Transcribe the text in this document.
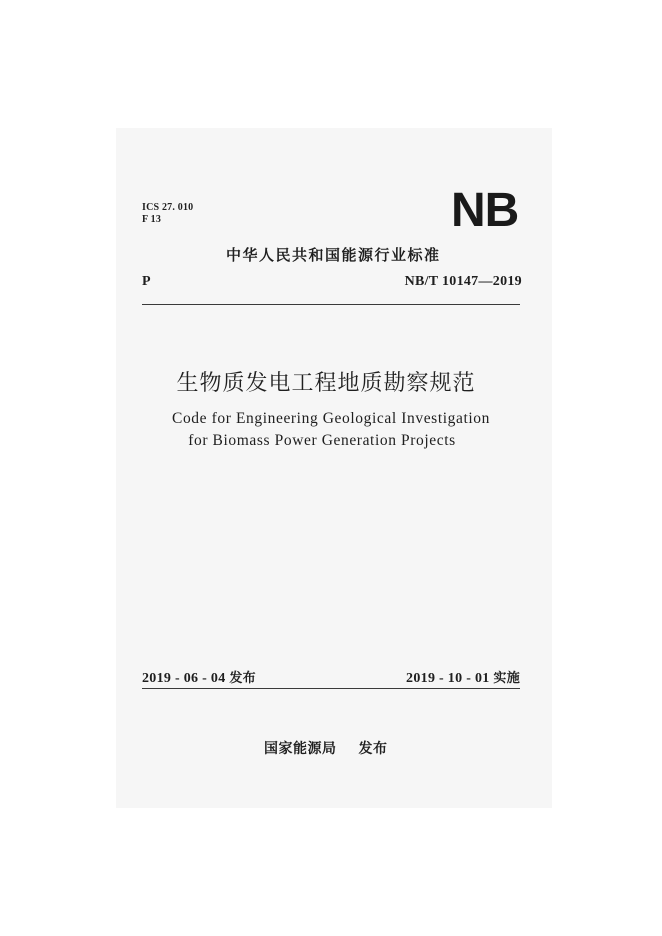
ICS 27. 010
F 13	NB
中华人民共和国能源行业标准
P	NB/T 10147—2019
生物质发电工程地质勘察规范
Code for Engineering Geological Investigation
for Biomass Power Generation Projects
2019 - 06 - 04 发布	2019 - 10 - 01 实施
国家能源局 发布
